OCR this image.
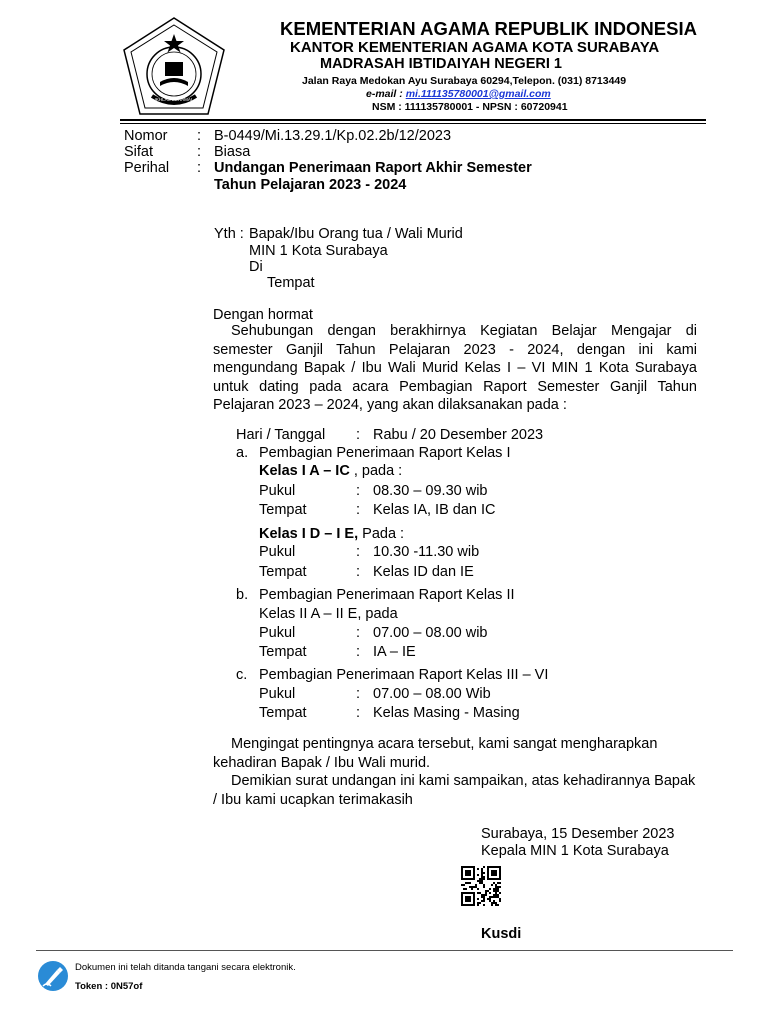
IKHLAS BERAMAL
KEMENTERIAN AGAMA REPUBLIK INDONESIA
KANTOR KEMENTERIAN AGAMA KOTA SURABAYA
MADRASAH IBTIDAIYAH NEGERI 1
Jalan Raya Medokan Ayu Surabaya 60294,Telepon. (031) 8713449
e-mail : mi.111135780001@gmail.com
NSM : 111135780001 - NPSN : 60720941
Nomor : B-0449/Mi.13.29.1/Kp.02.2b/12/2023
Sifat	: Biasa
Perihal : Undangan Penerimaan Raport Akhir Semester
Tahun Pelajaran 2023 - 2024
Yth : Bapak/Ibu Orang tua / Wali Murid
MIN 1 Kota Surabaya
Di
Tempat
Dengan hormat
Sehubungan dengan berakhirnya Kegiatan Belajar Mengajar di semester Ganjil Tahun Pelajaran 2023 - 2024, dengan ini kami mengundang Bapak / Ibu Wali Murid Kelas I – VI MIN 1 Kota Surabaya untuk dating pada acara Pembagian Raport Semester Ganjil Tahun Pelajaran 2023 – 2024, yang akan dilaksanakan pada :
Hari / Tanggal : Rabu / 20 Desember 2023
a. Pembagian Penerimaan Raport Kelas I
Kelas I A – IC , pada :
Pukul	: 08.30 – 09.30 wib
Tempat	: Kelas IA, IB dan IC
Kelas I D – I E, Pada :
Pukul	: 10.30 -11.30 wib
Tempat	: Kelas ID dan IE
b. Pembagian Penerimaan Raport Kelas II
Kelas II A – II E, pada
Pukul	: 07.00 – 08.00 wib
Tempat	: IA – IE
c. Pembagian Penerimaan Raport Kelas III – VI
Pukul	: 07.00 – 08.00 Wib
Tempat	: Kelas Masing - Masing
Mengingat pentingnya acara tersebut, kami sangat mengharapkan kehadiran Bapak / Ibu Wali murid.
Demikian surat undangan ini kami sampaikan, atas kehadirannya Bapak / Ibu kami ucapkan terimakasih
Surabaya, 15 Desember 2023
Kepala MIN 1 Kota Surabaya
Kusdi
Dokumen ini telah ditanda tangani secara elektronik.
Token : 0N57of
